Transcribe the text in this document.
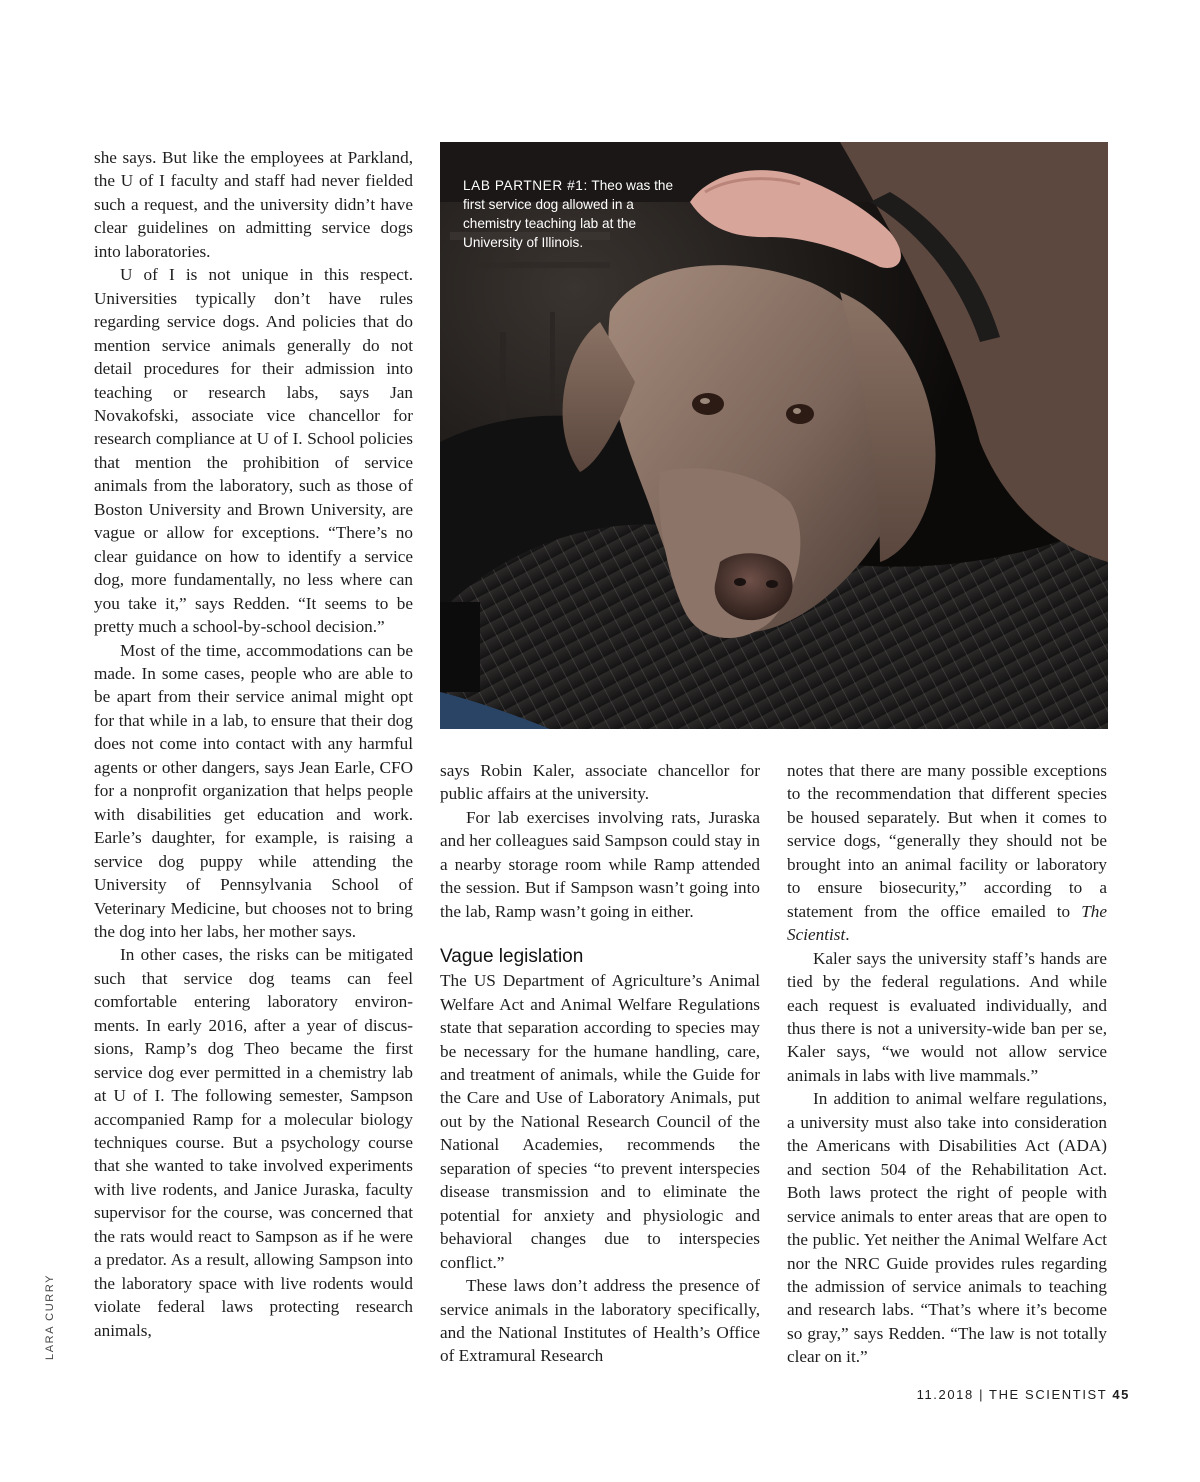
she says. But like the employees at Parkland, the U of I faculty and staff had never fielded such a request, and the university didn’t have clear guidelines on admitting service dogs into laboratories.

U of I is not unique in this respect. Universities typically don’t have rules regarding service dogs. And policies that do mention service animals generally do not detail procedures for their admission into teaching or research labs, says Jan Novakofski, associate vice chancellor for research compliance at U of I. School policies that mention the prohibition of service animals from the laboratory, such as those of Boston University and Brown University, are vague or allow for exceptions. “There’s no clear guidance on how to identify a service dog, more fundamentally, no less where can you take it,” says Redden. “It seems to be pretty much a school-by-school decision.”

Most of the time, accommodations can be made. In some cases, people who are able to be apart from their service animal might opt for that while in a lab, to ensure that their dog does not come into contact with any harmful agents or other dangers, says Jean Earle, CFO for a nonprofit organization that helps people with disabilities get education and work. Earle’s daughter, for example, is raising a service dog puppy while attending the University of Pennsylvania School of Veterinary Medicine, but chooses not to bring the dog into her labs, her mother says.

In other cases, the risks can be mitigated such that service dog teams can feel comfortable entering laboratory environments. In early 2016, after a year of discussions, Ramp’s dog Theo became the first service dog ever permitted in a chemistry lab at U of I. The following semester, Sampson accompanied Ramp for a molecular biology techniques course. But a psychology course that she wanted to take involved experiments with live rodents, and Janice Juraska, faculty supervisor for the course, was concerned that the rats would react to Sampson as if he were a predator. As a result, allowing Sampson into the laboratory space with live rodents would violate federal laws protecting research animals,

LAB PARTNER #1: Theo was the first service dog allowed in a chemistry teaching lab at the University of Illinois.

says Robin Kaler, associate chancellor for public affairs at the university.

For lab exercises involving rats, Juraska and her colleagues said Sampson could stay in a nearby storage room while Ramp attended the session. But if Sampson wasn’t going into the lab, Ramp wasn’t going in either.

Vague legislation

The US Department of Agriculture’s Animal Welfare Act and Animal Welfare Regulations state that separation according to species may be necessary for the humane handling, care, and treatment of animals, while the Guide for the Care and Use of Laboratory Animals, put out by the National Research Council of the National Academies, recommends the separation of species “to prevent interspecies disease transmission and to eliminate the potential for anxiety and physiologic and behavioral changes due to interspecies conflict.”

These laws don’t address the presence of service animals in the laboratory specifically, and the National Institutes of Health’s Office of Extramural Research

notes that there are many possible exceptions to the recommendation that different species be housed separately. But when it comes to service dogs, “generally they should not be brought into an animal facility or laboratory to ensure biosecurity,” according to a statement from the office emailed to The Scientist.

Kaler says the university staff’s hands are tied by the federal regulations. And while each request is evaluated individually, and thus there is not a university-wide ban per se, Kaler says, “we would not allow service animals in labs with live mammals.”

In addition to animal welfare regulations, a university must also take into consideration the Americans with Disabilities Act (ADA) and section 504 of the Rehabilitation Act. Both laws protect the right of people with service animals to enter areas that are open to the public. Yet neither the Animal Welfare Act nor the NRC Guide provides rules regarding the admission of service animals to teaching and research labs. “That’s where it’s become so gray,” says Redden. “The law is not totally clear on it.”

LARA CURRY
11.2018 | THE SCIENTIST 45
